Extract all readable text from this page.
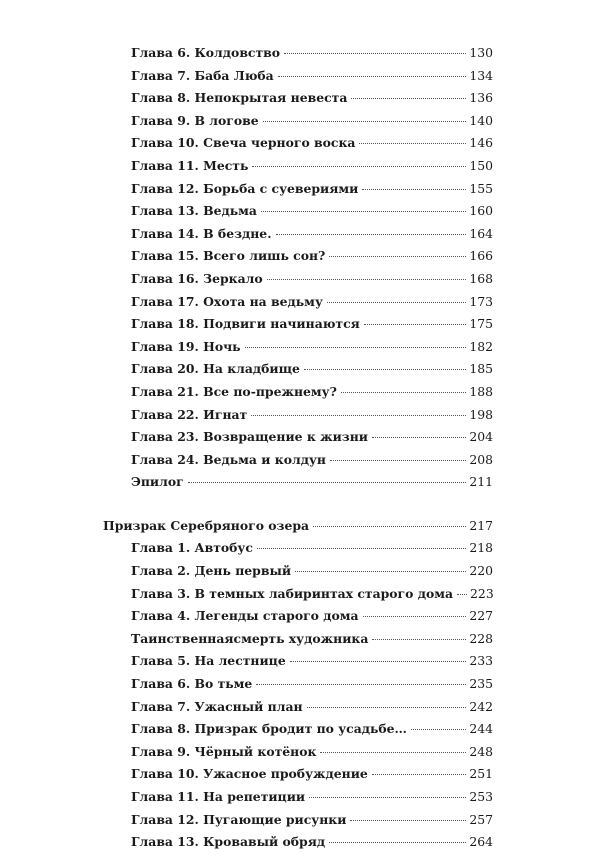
Глава 6. Колдовство	130
Глава 7. Баба Люба	134
Глава 8. Непокрытая невеста	136
Глава 9. В логове	140
Глава 10. Свеча черного воска	146
Глава 11. Месть	150
Глава 12. Борьба с суевериями	155
Глава 13. Ведьма	160
Глава 14. В бездне.	164
Глава 15. Всего лишь сон?	166
Глава 16. Зеркало	168
Глава 17. Охота на ведьму	173
Глава 18. Подвиги начинаются	175
Глава 19. Ночь	182
Глава 20. На кладбище	185
Глава 21. Все по-прежнему?	188
Глава 22. Игнат	198
Глава 23. Возвращение к жизни	204
Глава 24. Ведьма и колдун	208
Эпилог	211
Призрак Серебряного озера	217
Глава 1. Автобус	218
Глава 2. День первый	220
Глава 3. В темных лабиринтах старого дома 223
Глава 4. Легенды старого дома	227
Таинственнаясмерть художника	228
Глава 5. На лестнице	233
Глава 6. Во тьме	235
Глава 7. Ужасный план	242
Глава 8. Призрак бродит по усадьбе…	244
Глава 9. Чёрный котёнок	248
Глава 10. Ужасное пробуждение	251
Глава 11. На репетиции	253
Глава 12. Пугающие рисунки	257
Глава 13. Кровавый обряд	264
